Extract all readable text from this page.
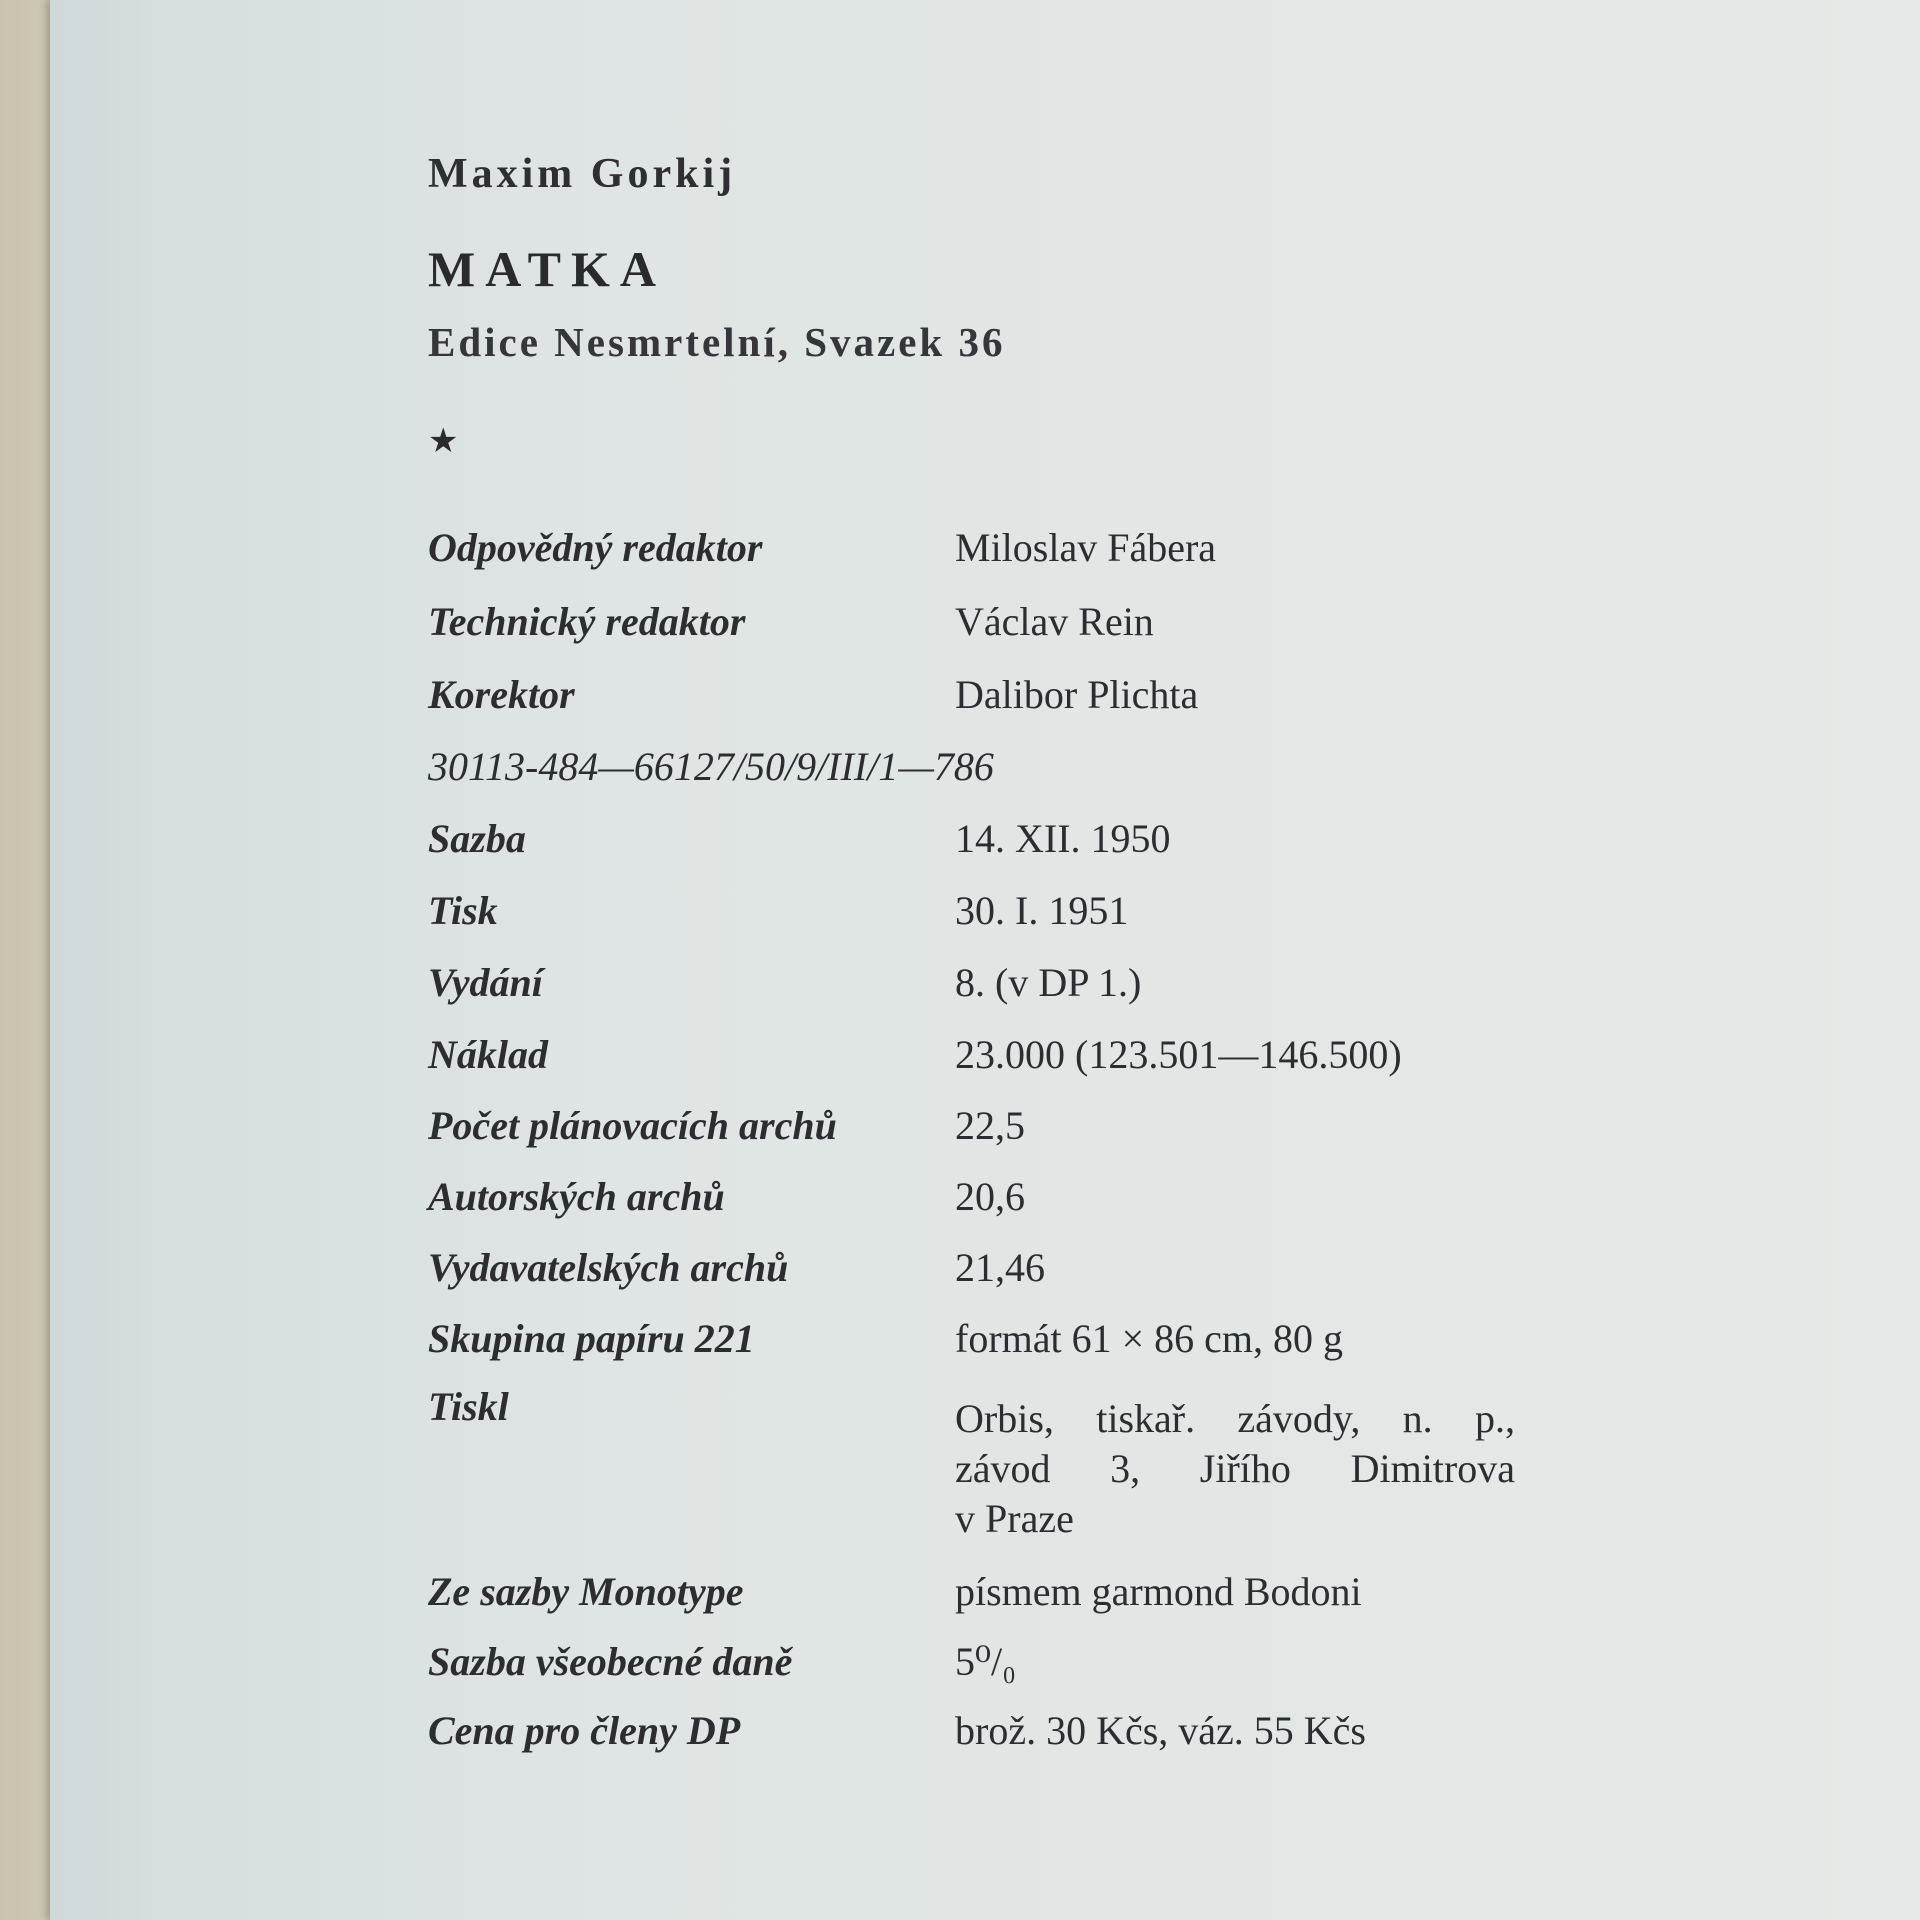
Maxim Gorkij
MATKA
Edice Nesmrtelní, Svazek 36
★
Odpovědný redaktor	Miloslav Fábera
Technický redaktor	Václav Rein
Korektor	Dalibor Plichta
30113-484—66127/50/9/III/1—786
Sazba	14. XII. 1950
Tisk	30. I. 1951
Vydání	8. (v DP 1.)
Náklad	23.000 (123.501—146.500)
Počet plánovacích archů	22,5
Autorských archů	20,6
Vydavatelských archů	21,46
Skupina papíru 221	formát 61 × 86 cm, 80 g
Tiskl	Orbis, tiskař. závody, n. p.,
závod 3, Jiřího Dimitrova
v Praze
Ze sazby Monotype	písmem garmond Bodoni
Sazba všeobecné daně	5⁰/₀
Cena pro členy DP	brož. 30 Kčs, váz. 55 Kčs
